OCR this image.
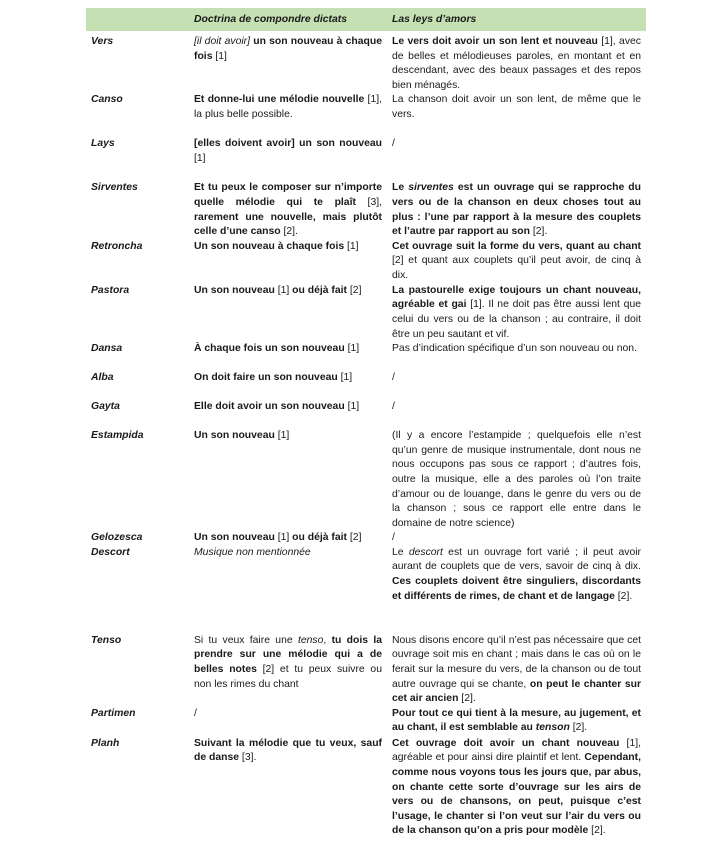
	Doctrina de compondre dictats	Las leys d’amors
Vers	[il doit avoir] un son nouveau à chaque fois [1]	Le vers doit avoir un son lent et nouveau [1], avec de belles et mélodieuses paroles, en montant et en descendant, avec des beaux passages et des repos bien ménagés.
Canso	Et donne-lui une mélodie nouvelle [1], la plus belle possible.	La chanson doit avoir un son lent, de même que le vers.
Lays	[elles doivent avoir] un son nouveau [1]	/
Sirventes	Et tu peux le composer sur n’importe quelle mélodie qui te plaît [3], rarement une nouvelle, mais plutôt celle d’une canso [2].	Le sirventes est un ouvrage qui se rapproche du vers ou de la chanson en deux choses tout au plus : l’une par rapport à la mesure des couplets et l’autre par rapport au son [2].
Retroncha	Un son nouveau à chaque fois [1]	Cet ouvrage suit la forme du vers, quant au chant [2] et quant aux couplets qu’il peut avoir, de cinq à dix.
Pastora	Un son nouveau [1] ou déjà fait [2]	La pastourelle exige toujours un chant nouveau, agréable et gai [1]. Il ne doit pas être aussi lent que celui du vers ou de la chanson ; au contraire, il doit être un peu sautant et vif.
Dansa	À chaque fois un son nouveau [1]	Pas d’indication spécifique d’un son nouveau ou non.
Alba	On doit faire un son nouveau [1]	/
Gayta	Elle doit avoir un son nouveau [1]	/
Estampida	Un son nouveau [1]	(Il y a encore l’estampide ; quelquefois elle n’est qu’un genre de musique instrumentale, dont nous ne nous occupons pas sous ce rapport ; d’autres fois, outre la musique, elle a des paroles où l’on traite d’amour ou de louange, dans le genre du vers ou de la chanson ; sous ce rapport elle entre dans le domaine de notre science)
Gelozesca	Un son nouveau [1] ou déjà fait [2]	/
Descort	Musique non mentionnée	Le descort est un ouvrage fort varié ; il peut avoir aurant de couplets que de vers, savoir de cinq à dix. Ces couplets doivent être singuliers, discordants et différents de rimes, de chant et de langage [2].
Tenso	Si tu veux faire une tenso, tu dois la prendre sur une mélodie qui a de belles notes [2] et tu peux suivre ou non les rimes du chant	Nous disons encore qu’il n’est pas nécessaire que cet ouvrage soit mis en chant ; mais dans le cas où on le ferait sur la mesure du vers, de la chanson ou de tout autre ouvrage qui se chante, on peut le chanter sur cet air ancien [2].
Partimen	/	Pour tout ce qui tient à la mesure, au jugement, et au chant, il est semblable au tenson [2].
Planh	Suivant la mélodie que tu veux, sauf de danse [3].	Cet ouvrage doit avoir un chant nouveau [1], agréable et pour ainsi dire plaintif et lent. Cependant, comme nous voyons tous les jours que, par abus, on chante cette sorte d’ouvrage sur les airs de vers ou de chansons, on peut, puisque c’est l’usage, le chanter si l’on veut sur l’air du vers ou de la chanson qu’on a pris pour modèle [2].
